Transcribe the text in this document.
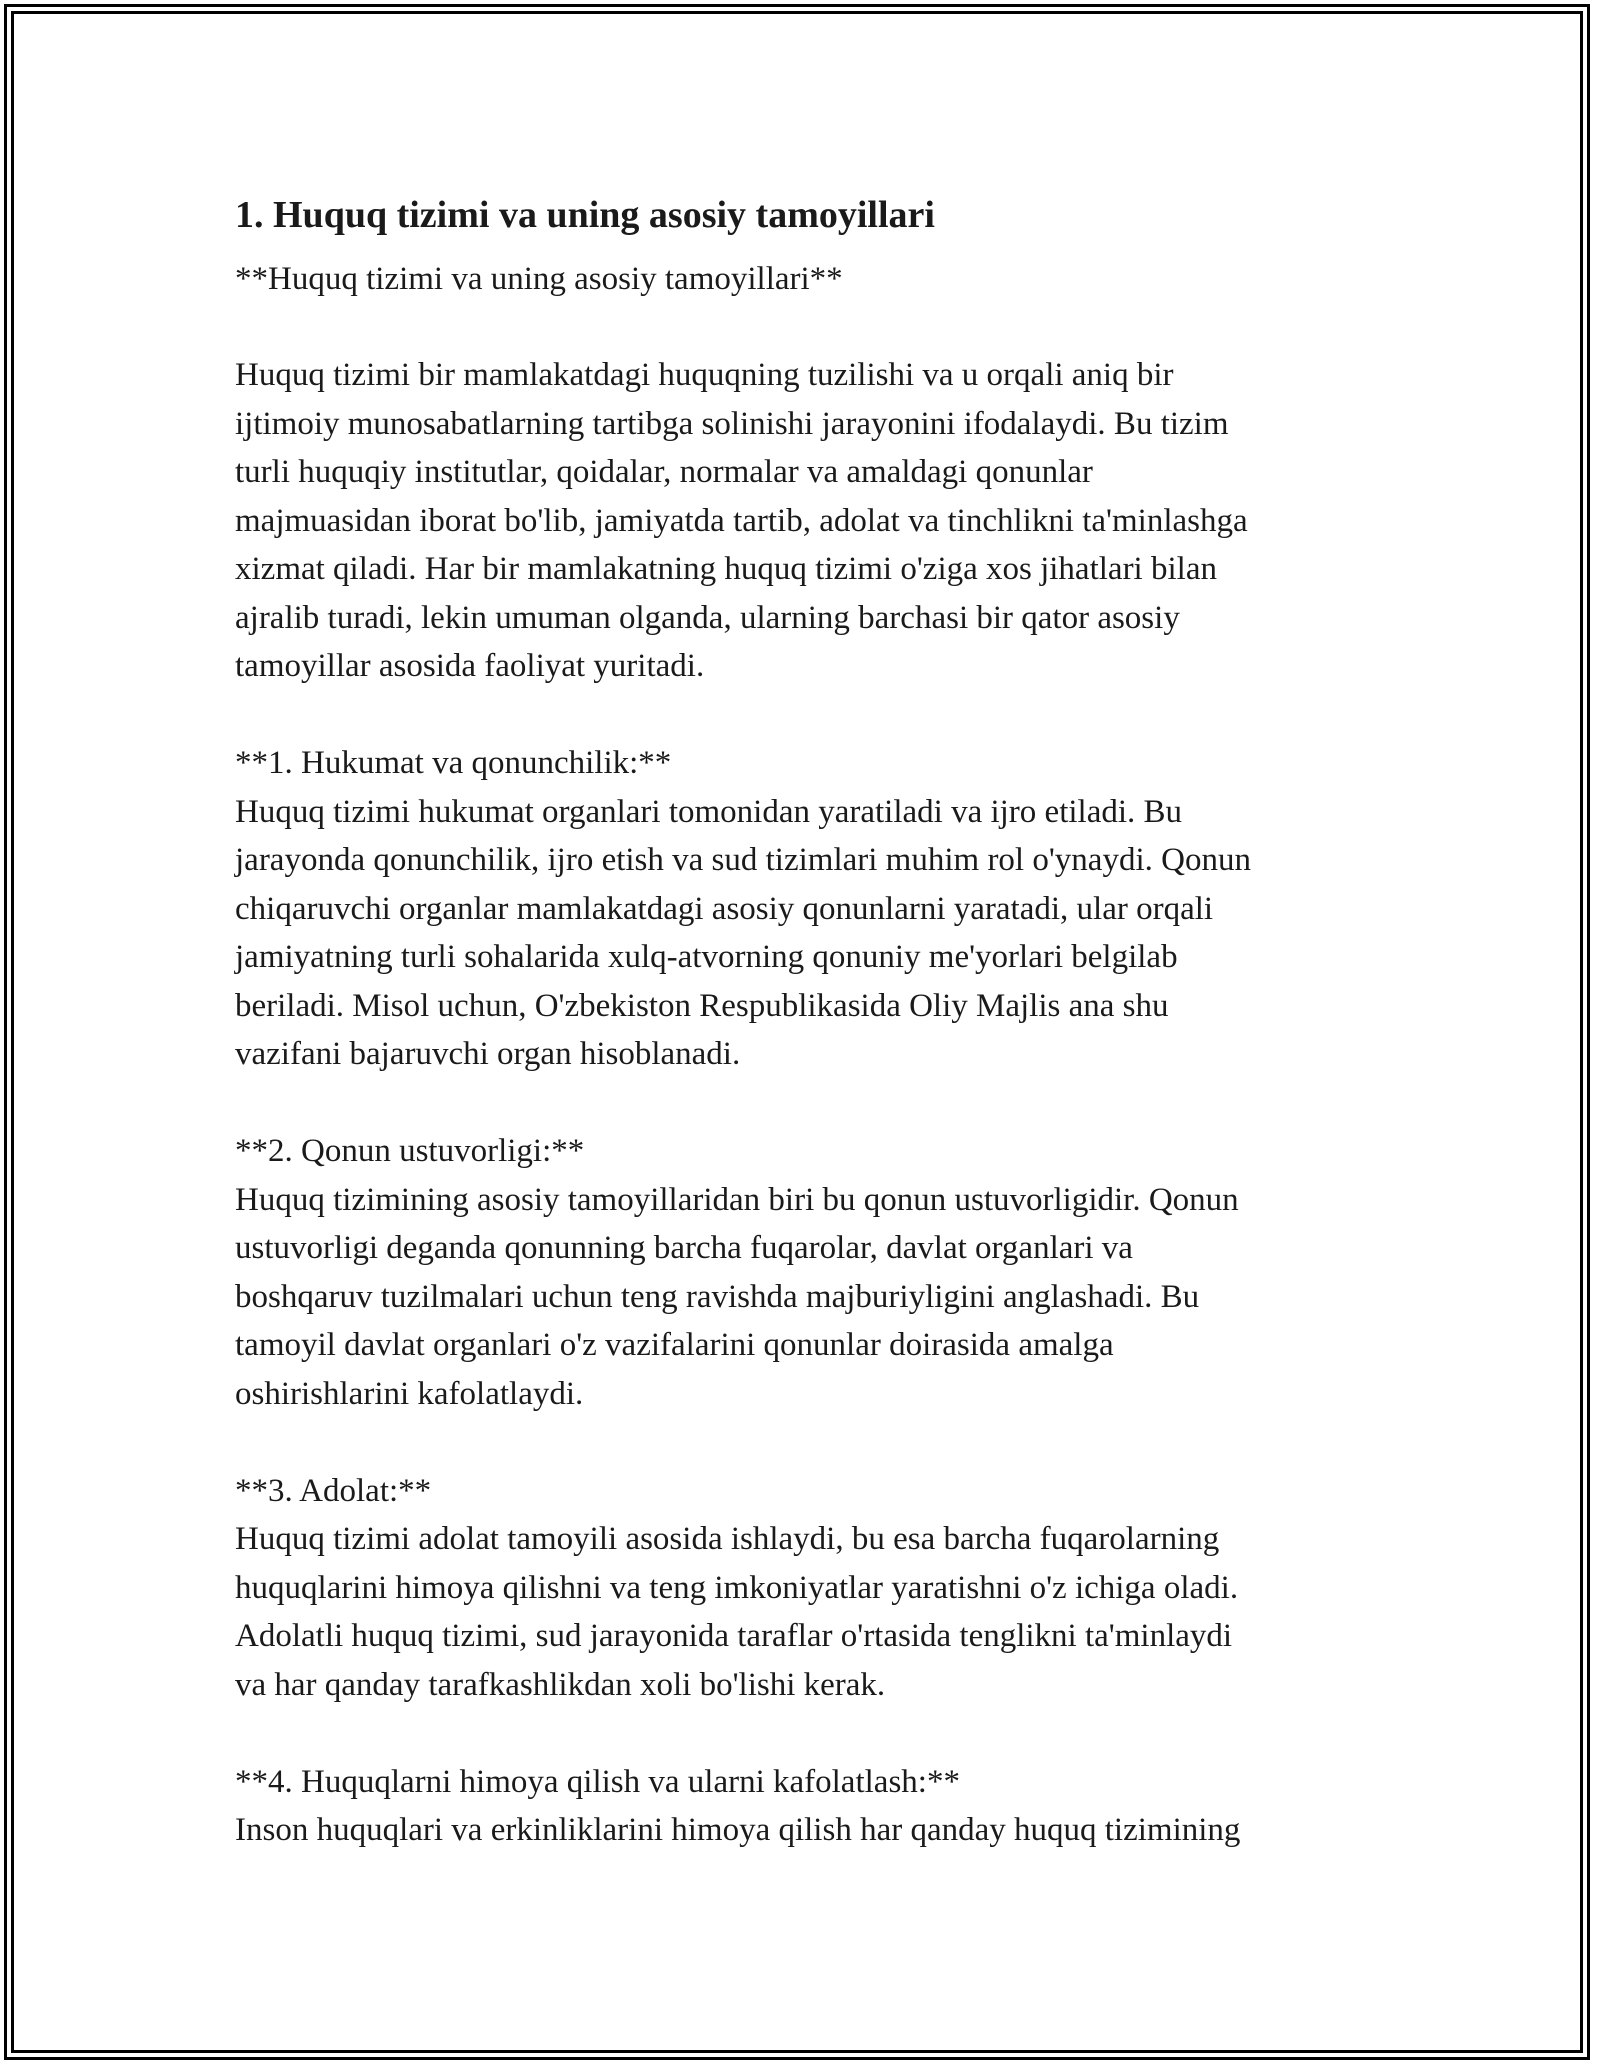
1. Huquq tizimi va uning asosiy tamoyillari
**Huquq tizimi va uning asosiy tamoyillari**
Huquq tizimi bir mamlakatdagi huquqning tuzilishi va u orqali aniq bir
ijtimoiy munosabatlarning tartibga solinishi jarayonini ifodalaydi. Bu tizim
turli huquqiy institutlar, qoidalar, normalar va amaldagi qonunlar
majmuasidan iborat bo'lib, jamiyatda tartib, adolat va tinchlikni ta'minlashga
xizmat qiladi. Har bir mamlakatning huquq tizimi o'ziga xos jihatlari bilan
ajralib turadi, lekin umuman olganda, ularning barchasi bir qator asosiy
tamoyillar asosida faoliyat yuritadi.
**1. Hukumat va qonunchilik:**
Huquq tizimi hukumat organlari tomonidan yaratiladi va ijro etiladi. Bu
jarayonda qonunchilik, ijro etish va sud tizimlari muhim rol o'ynaydi. Qonun
chiqaruvchi organlar mamlakatdagi asosiy qonunlarni yaratadi, ular orqali
jamiyatning turli sohalarida xulq-atvorning qonuniy me'yorlari belgilab
beriladi. Misol uchun, O'zbekiston Respublikasida Oliy Majlis ana shu
vazifani bajaruvchi organ hisoblanadi.
**2. Qonun ustuvorligi:**
Huquq tizimining asosiy tamoyillaridan biri bu qonun ustuvorligidir. Qonun
ustuvorligi deganda qonunning barcha fuqarolar, davlat organlari va
boshqaruv tuzilmalari uchun teng ravishda majburiyligini anglashadi. Bu
tamoyil davlat organlari o'z vazifalarini qonunlar doirasida amalga
oshirishlarini kafolatlaydi.
**3. Adolat:**
Huquq tizimi adolat tamoyili asosida ishlaydi, bu esa barcha fuqarolarning
huquqlarini himoya qilishni va teng imkoniyatlar yaratishni o'z ichiga oladi.
Adolatli huquq tizimi, sud jarayonida taraflar o'rtasida tenglikni ta'minlaydi
va har qanday tarafkashlikdan xoli bo'lishi kerak.
**4. Huquqlarni himoya qilish va ularni kafolatlash:**
Inson huquqlari va erkinliklarini himoya qilish har qanday huquq tizimining
